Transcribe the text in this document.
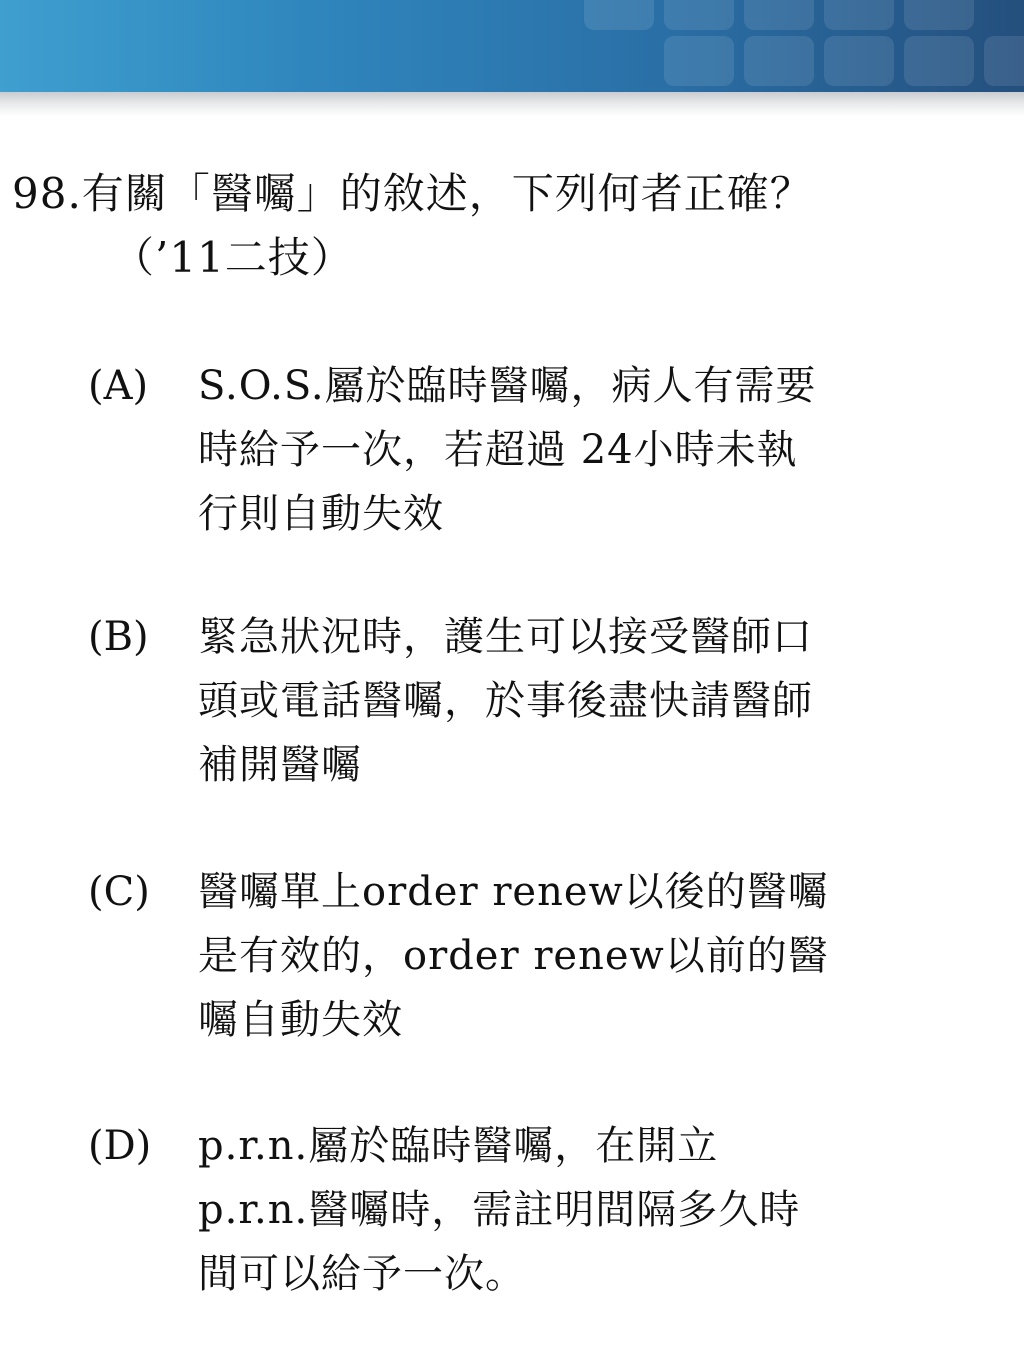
98.有關「醫囑」的敘述，下列何者正確？
（’11二技）
(A) S.O.S.屬於臨時醫囑，病人有需要
時給予一次，若超過 24小時未執
行則自動失效
(B) 緊急狀況時，護生可以接受醫師口
頭或電話醫囑，於事後盡快請醫師
補開醫囑
(C) 醫囑單上order renew以後的醫囑
是有效的，order renew以前的醫
囑自動失效
(D) p.r.n.屬於臨時醫囑，在開立
p.r.n.醫囑時，需註明間隔多久時
間可以給予一次。
